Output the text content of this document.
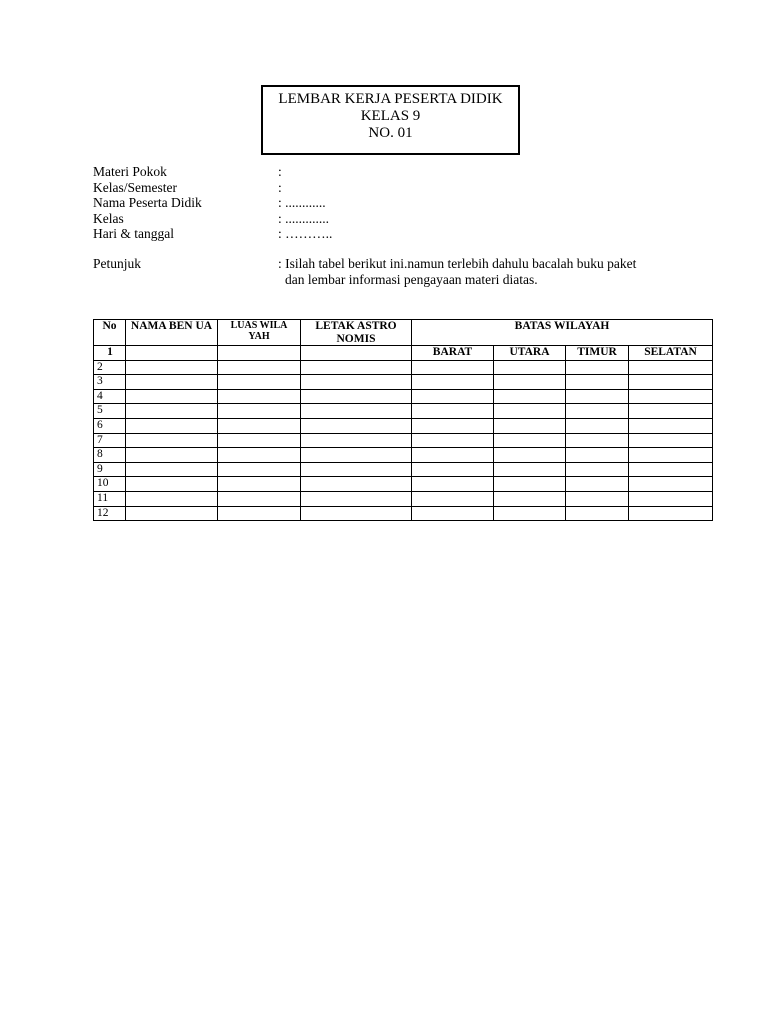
LEMBAR KERJA PESERTA DIDIK
KELAS 9
NO. 01
Materi Pokok	:
Kelas/Semester	:
Nama Peserta Didik	: ............
Kelas	: .............
Hari & tanggal	: ………..
Petunjuk	: Isilah tabel berikut ini.namun terlebih dahulu bacalah buku paket
dan lembar informasi pengayaan materi diatas.
No	NAMA BEN UA	LUAS WILA YAH	LETAK ASTRO NOMIS	BATAS WILAYAH			
1				BARAT	UTARA	TIMUR	SELATAN
2							
3							
4							
5							
6							
7							
8							
9							
10							
11							
12							
